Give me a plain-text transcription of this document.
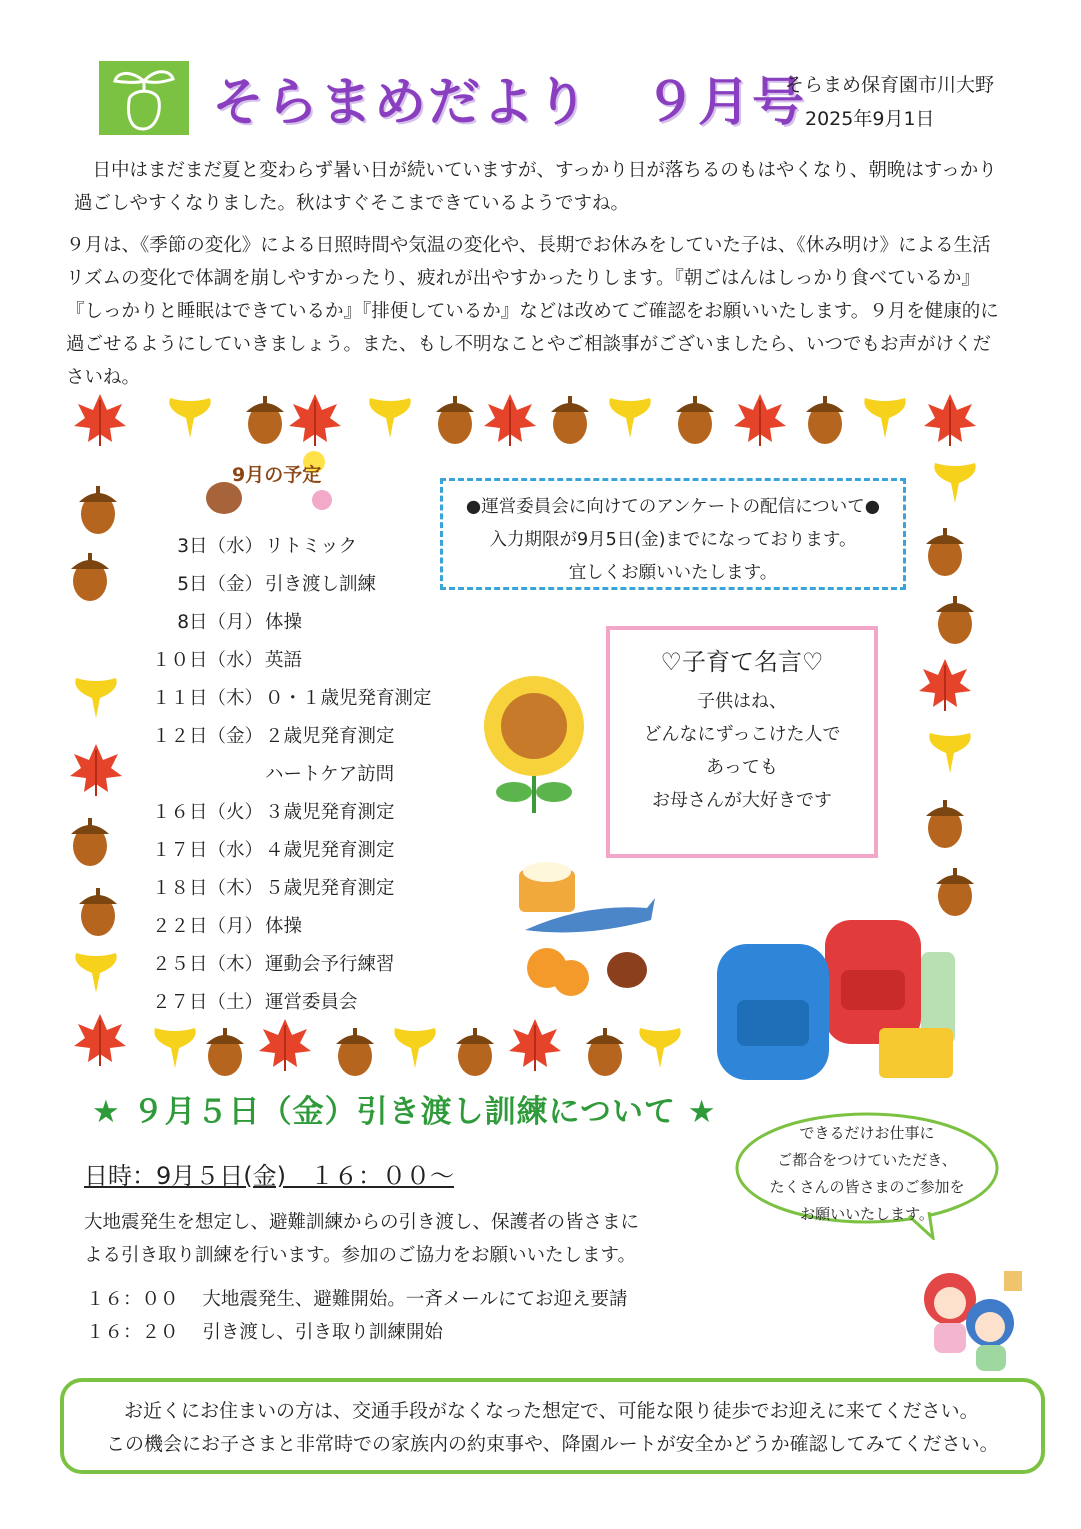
そらまめだより　９月号
そらまめ保育園市川大野
2025年9月1日
　日中はまだまだ夏と変わらず暑い日が続いていますが、すっかり日が落ちるのもはやくなり、朝晩はすっかり
過ごしやすくなりました。秋はすぐそこまできているようですね。
９月は、《季節の変化》による日照時間や気温の変化や、長期でお休みをしていた子は、《休み明け》による生活
リズムの変化で体調を崩しやすかったり、疲れが出やすかったりします。『朝ごはんはしっかり食べているか』
『しっかりと睡眠はできているか』『排便しているか』などは改めてご確認をお願いいたします。９月を健康的に
過ごせるようにしていきましょう。また、もし不明なことやご相談事がございましたら、いつでもお声がけくだ
さいね。
9月の予定
3日（水） リトミック
5日（金） 引き渡し訓練
8日（月） 体操
１０日（水） 英語
１１日（木） ０・１歳児発育測定
１２日（金） ２歳児発育測定
ハートケア訪問
１６日（火） ３歳児発育測定
１７日（水） ４歳児発育測定
１８日（木） ５歳児発育測定
２２日（月） 体操
２５日（木） 運動会予行練習
２７日（土） 運営委員会
●運営委員会に向けてのアンケートの配信について●
入力期限が9月5日(金)までになっております。
宜しくお願いいたします。
♡子育て名言♡
子供はね、
どんなにずっこけた人で
あっても
お母さんが大好きです
★ ９月５日（金）引き渡し訓練について ★
日時：9月５日(金)　１６：００～
大地震発生を想定し、避難訓練からの引き渡し、保護者の皆さまに
よる引き取り訓練を行います。参加のご協力をお願いいたします。
１６：００ 大地震発生、避難開始。一斉メールにてお迎え要請
１６：２０ 引き渡し、引き取り訓練開始
できるだけお仕事に
ご都合をつけていただき、
たくさんの皆さまのご参加を
お願いいたします。
お近くにお住まいの方は、交通手段がなくなった想定で、可能な限り徒歩でお迎えに来てください。
この機会にお子さまと非常時での家族内の約束事や、降園ルートが安全かどうか確認してみてください。
